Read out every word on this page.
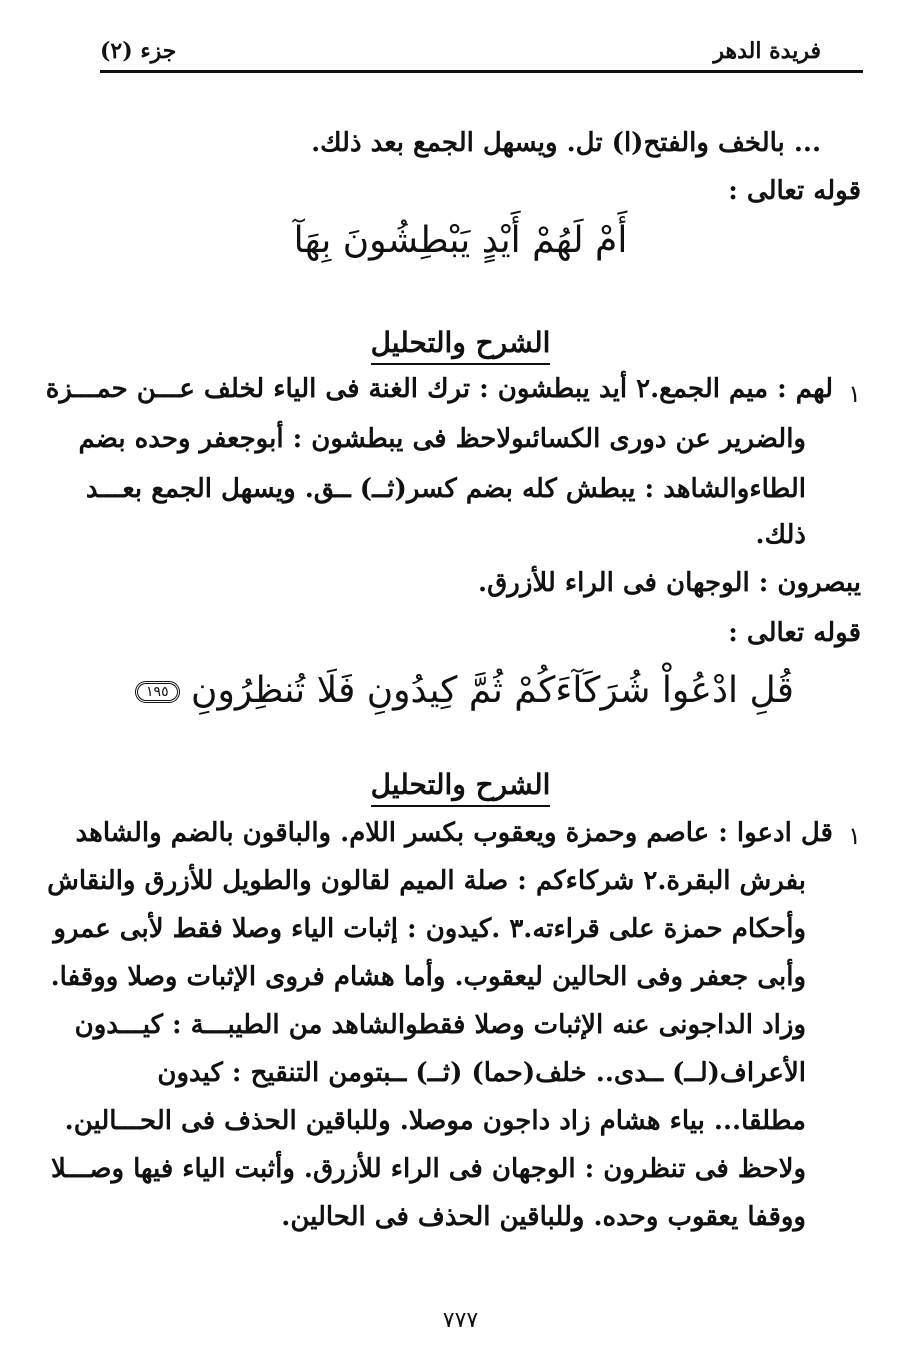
فريدة الدهر
جزء (٢)
... بالخف والفتح(ا) تل. ويسهل الجمع بعد ذلك.
قوله تعالى :
أَمْ لَهُمْ أَيْدٍ يَبْطِشُونَ بِهَآ
الشرح والتحليل
١
لهم : ميم الجمع.٢ أيد يبطشون : ترك الغنة فى الياء لخلف عـــن حمـــزة
والضرير عن دورى الكسائىولاحظ فى يبطشون : أبوجعفر وحده بضم
الطاءوالشاهد : يبطش كله بضم كسر(ثــ) ــق. ويسهل الجمع بعـــد
ذلك.
يبصرون : الوجهان فى الراء للأزرق.
قوله تعالى :
قُلِ ادْعُواْ شُرَكَآءَكُمْ ثُمَّ كِيدُونِ فَلَا تُنظِرُونِ ١٩٥
الشرح والتحليل
١
قل ادعوا : عاصم وحمزة ويعقوب بكسر اللام. والباقون بالضم والشاهد
بفرش البقرة.٢ شركاءكم : صلة الميم لقالون والطويل للأزرق والنقاش
وأحكام حمزة على قراءته.٣ .كيدون : إثبات الياء وصلا فقط لأبى عمرو
وأبى جعفر وفى الحالين ليعقوب. وأما هشام فروى الإثبات وصلا ووقفا.
وزاد الداجونى عنه الإثبات وصلا فقطوالشاهد من الطيبـــة : كيـــدون
الأعراف(لــ) ــدى.. خلف(حما) (ثــ) ــبتومن التنقيح : كيدون
مطلقا... بياء هشام زاد داجون موصلا. وللباقين الحذف فى الحـــالين.
ولاحظ فى تنظرون : الوجهان فى الراء للأزرق. وأثبت الياء فيها وصـــلا
ووقفا يعقوب وحده. وللباقين الحذف فى الحالين.
٧٧٧
